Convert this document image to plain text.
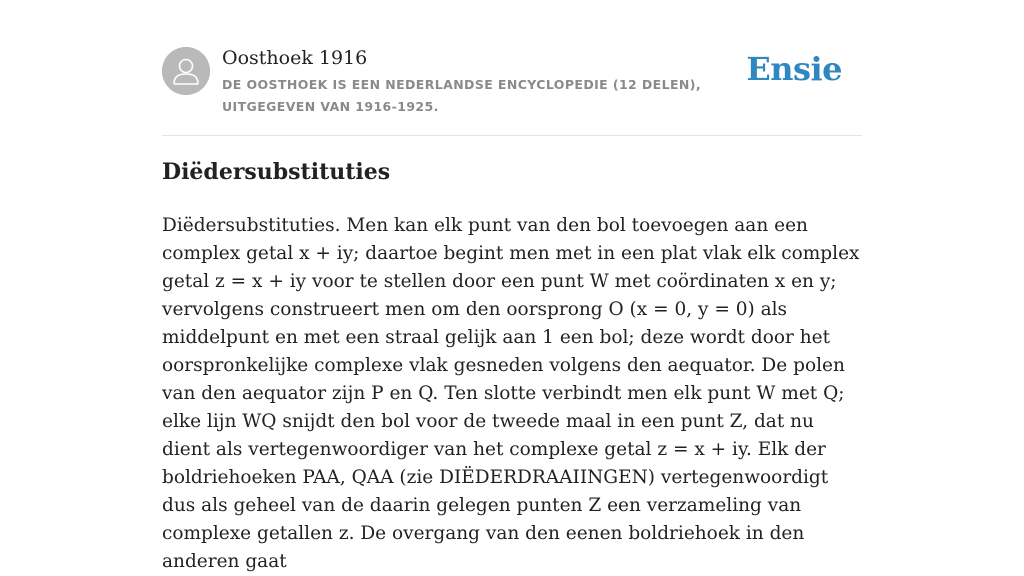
Oosthoek 1916
DE OOSTHOEK IS EEN NEDERLANDSE ENCYCLOPEDIE (12 DELEN), UITGEGEVEN VAN 1916-1925.
Ensie
Diëdersubstituties

Diëdersubstituties. Men kan elk punt van den bol toevoegen aan een complex getal x + iy; daartoe begint men met in een plat vlak elk complex getal z = x + iy voor te stellen door een punt W met coördinaten x en y; vervolgens construeert men om den oorsprong O (x = 0, y = 0) als middelpunt en met een straal gelijk aan 1 een bol; deze wordt door het oorspronkelijke complexe vlak gesneden volgens den aequator. De polen van den aequator zijn P en Q. Ten slotte verbindt men elk punt W met Q; elke lijn WQ snijdt den bol voor de tweede maal in een punt Z, dat nu dient als vertegenwoordiger van het complexe getal z = x + iy. Elk der boldriehoeken PAA, QAA (zie DIËDERDRAAIINGEN) vertegenwoordigt dus als geheel van de daarin gelegen punten Z een verzameling van complexe getallen z. De overgang van den eenen boldriehoek in den anderen gaat
